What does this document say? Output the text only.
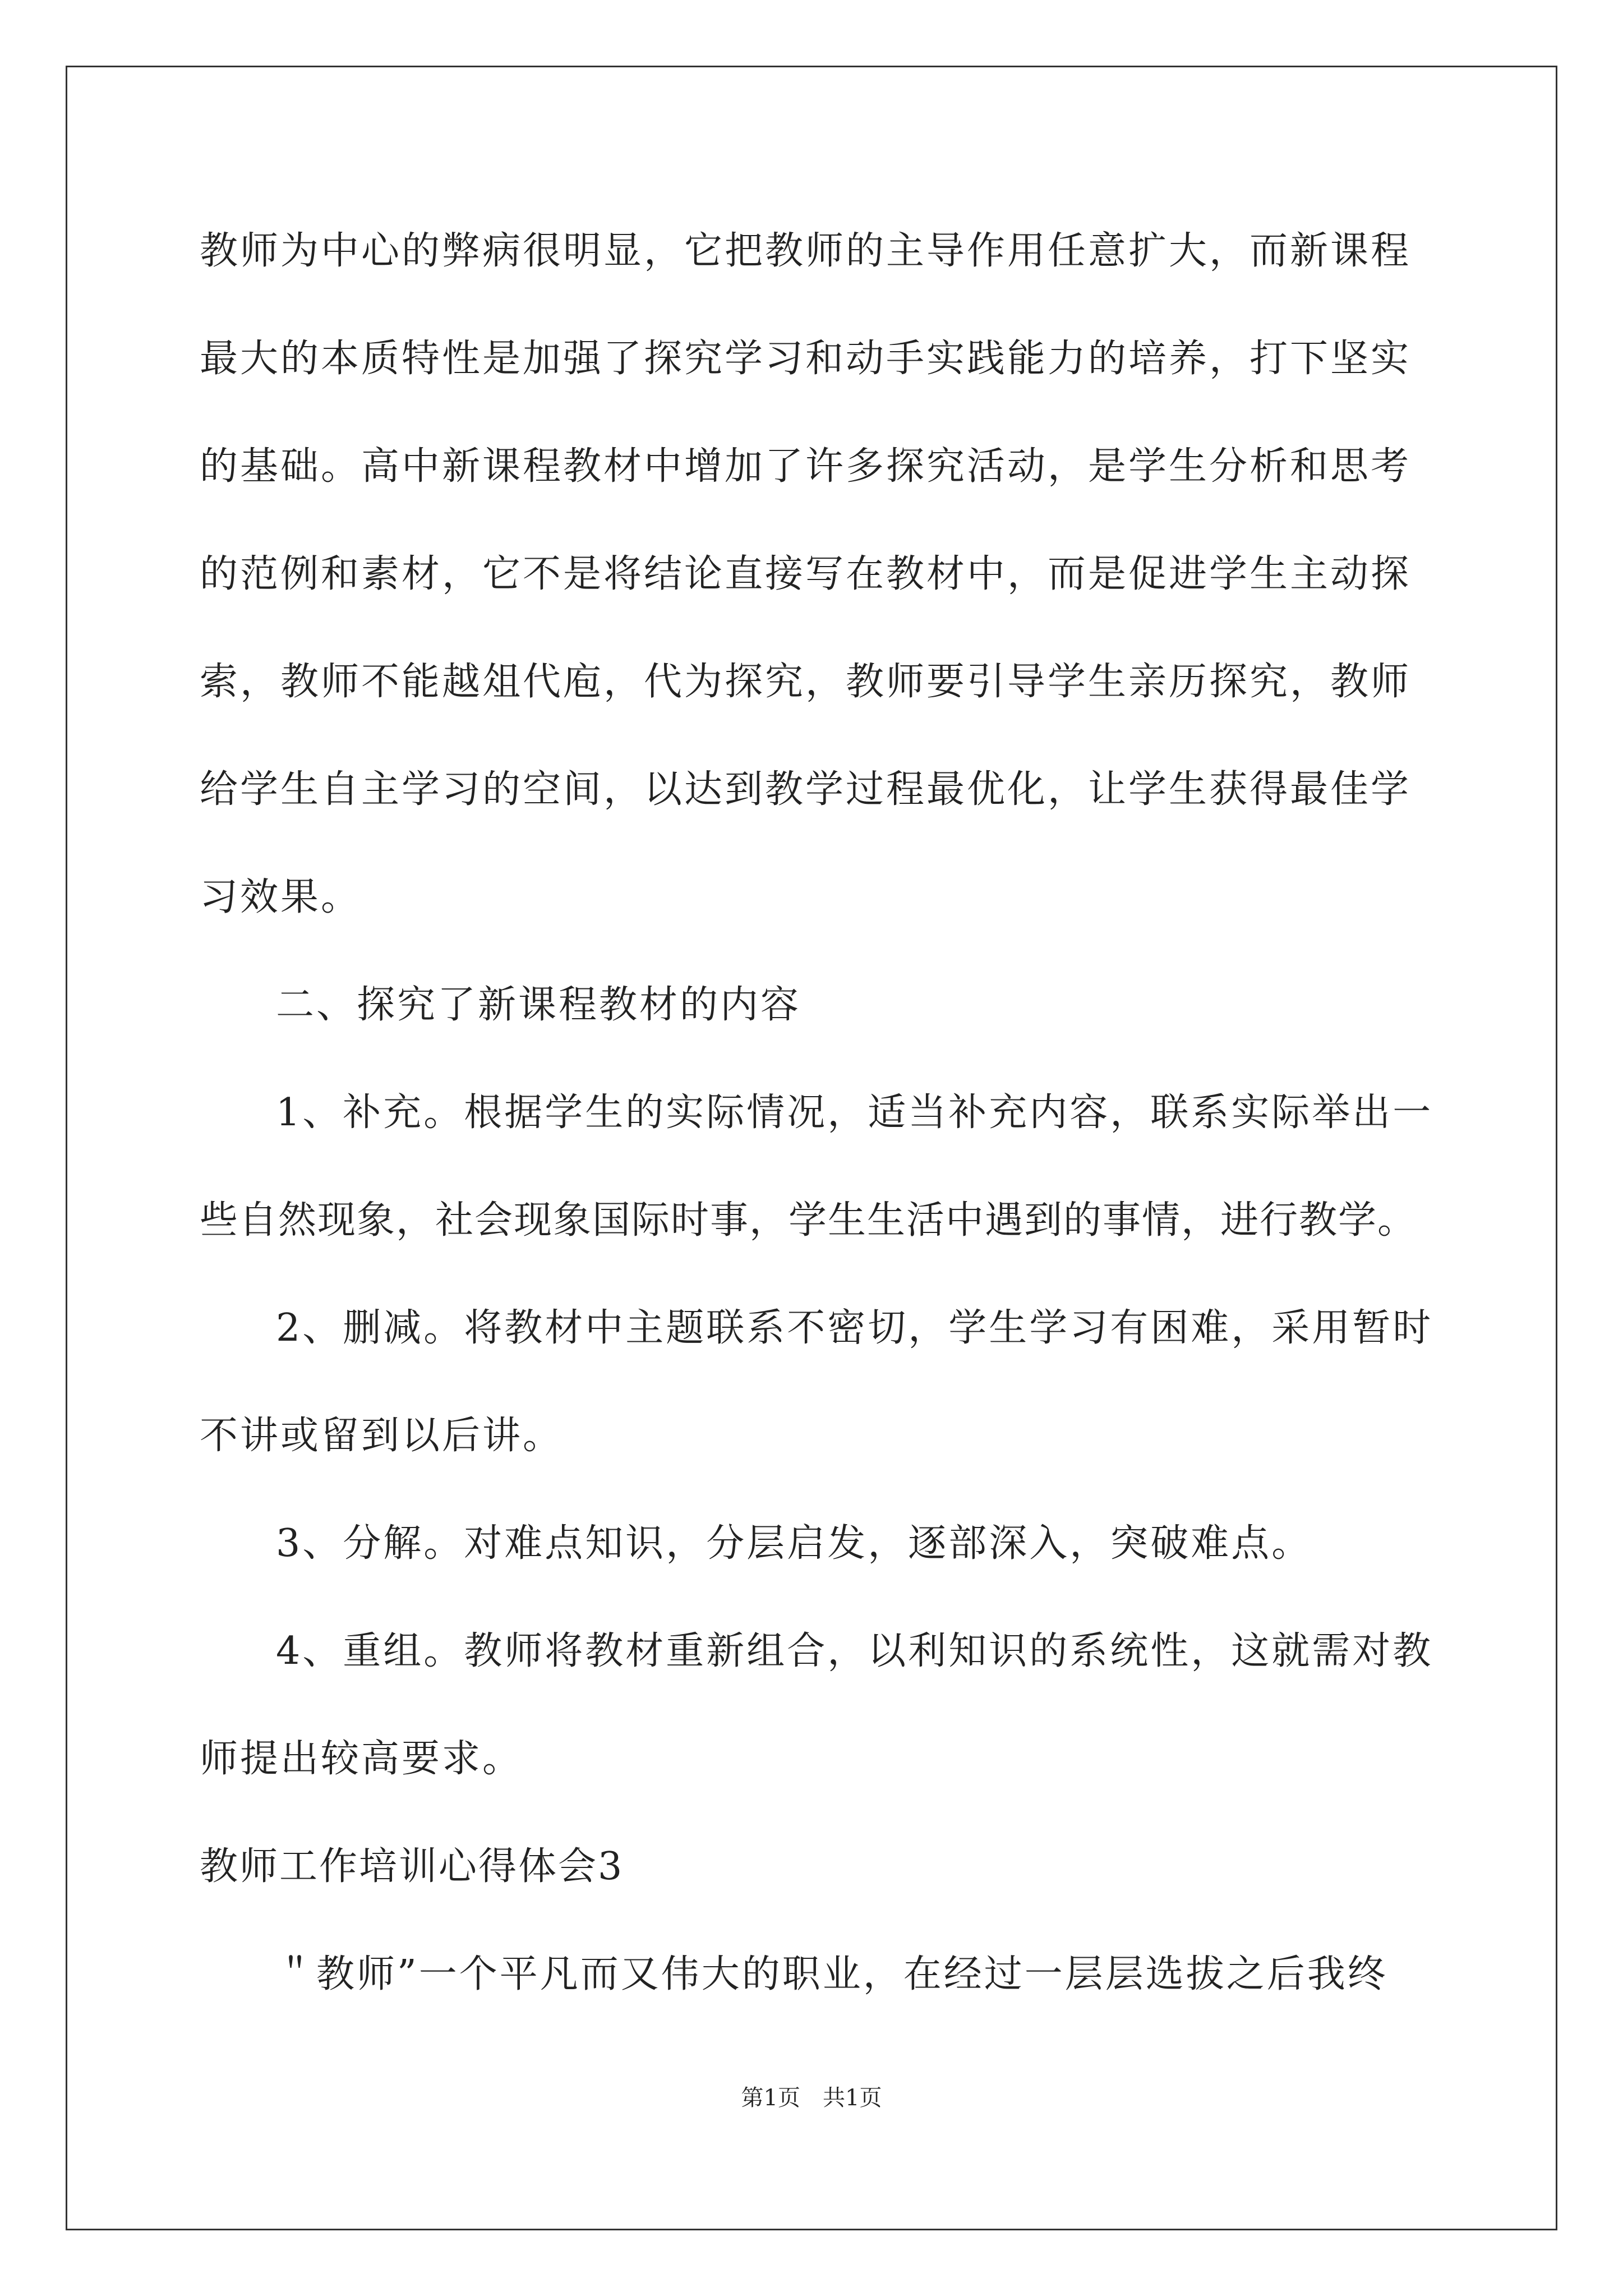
教师为中心的弊病很明显，它把教师的主导作用任意扩大，而新课程
最大的本质特性是加强了探究学习和动手实践能力的培养，打下坚实
的基础。高中新课程教材中增加了许多探究活动，是学生分析和思考
的范例和素材，它不是将结论直接写在教材中，而是促进学生主动探
索，教师不能越俎代庖，代为探究，教师要引导学生亲历探究，教师
给学生自主学习的空间，以达到教学过程最优化，让学生获得最佳学
习效果。
二、探究了新课程教材的内容
1、补充。根据学生的实际情况，适当补充内容，联系实际举出一
些自然现象，社会现象国际时事，学生生活中遇到的事情，进行教学。
2、删减。将教材中主题联系不密切，学生学习有困难，采用暂时
不讲或留到以后讲。
3、分解。对难点知识，分层启发，逐部深入，突破难点。
4、重组。教师将教材重新组合，以利知识的系统性，这就需对教
师提出较高要求。
教师工作培训心得体会3
＂教师”一个平凡而又伟大的职业，在经过一层层选拔之后我终
第1页　共1页
